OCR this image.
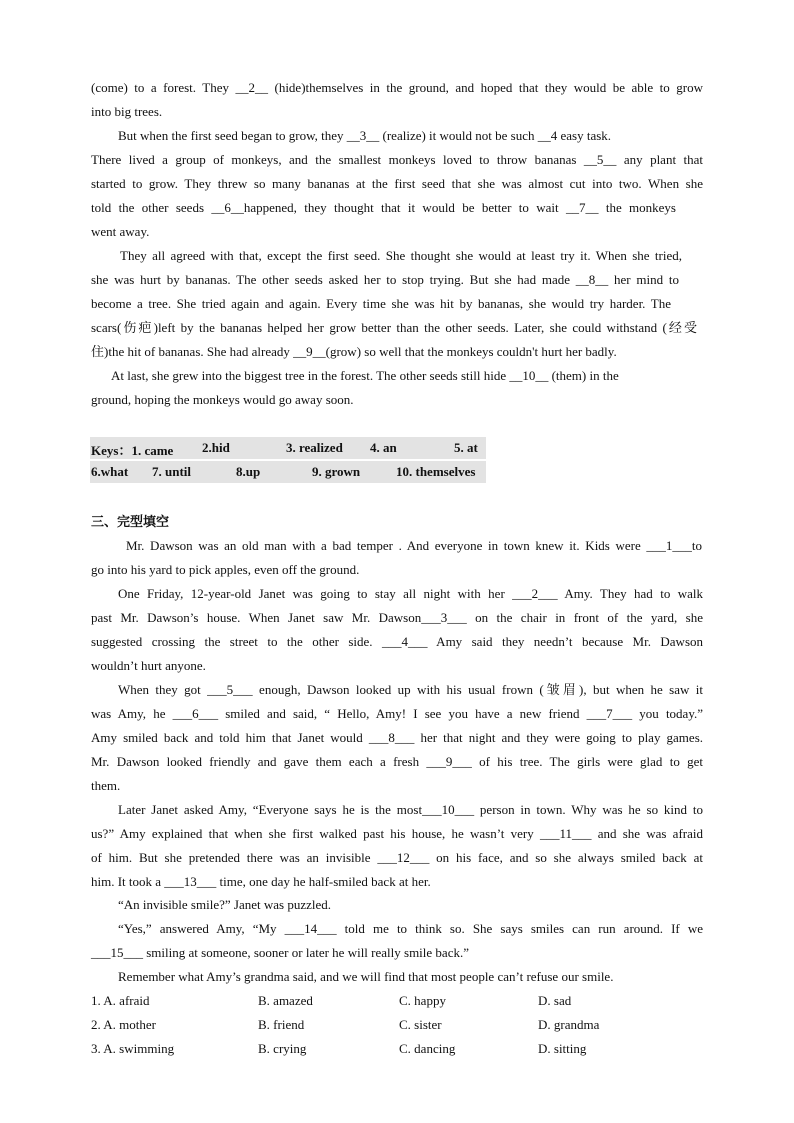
(come) to a forest. They __2__ (hide)themselves in the ground, and hoped that they would be able to grow
into big trees.
But when the first seed began to grow, they __3__ (realize) it would not be such __4 easy task.
There lived a group of monkeys, and the smallest monkeys loved to throw bananas __5__ any plant that
started to grow. They threw so many bananas at the first seed that she was almost cut into two. When she
told the other seeds __6__happened, they thought that it would be better to wait __7__ the monkeys
went away.
They all agreed with that, except the first seed. She thought she would at least try it. When she tried,
she was hurt by bananas. The other seeds asked her to stop trying. But she had made __8__ her mind to
become a tree. She tried again and again. Every time she was hit by bananas, she would try harder. The
scars(伤疤)left by the bananas helped her grow better than the other seeds. Later, she could withstand (经受
住)the hit of bananas. She had already __9__(grow) so well that the monkeys couldn't hurt her badly.
At last, she grew into the biggest tree in the forest. The other seeds still hide __10__ (them) in the
ground, hoping the monkeys would go away soon.
Keys：1. came 2.hid	3. realized 4. an	5. at
6.what 7. until	8.up	9. grown	10. themselves
三、完型填空
Mr. Dawson was an old man with a bad temper . And everyone in town knew it. Kids were ___1___to
go into his yard to pick apples, even off the ground.
One Friday, 12-year-old Janet was going to stay all night with her ___2___ Amy. They had to walk
past Mr. Dawson’s house. When Janet saw Mr. Dawson___3___ on the chair in front of the yard, she
suggested crossing the street to the other side. ___4___ Amy said they needn’t because Mr. Dawson
wouldn’t hurt anyone.
When they got ___5___ enough, Dawson looked up with his usual frown (皱眉), but when he saw it
was Amy, he ___6___ smiled and said, “ Hello, Amy! I see you have a new friend ___7___ you today.”
Amy smiled back and told him that Janet would ___8___ her that night and they were going to play games.
Mr. Dawson looked friendly and gave them each a fresh ___9___ of his tree. The girls were glad to get
them.
Later Janet asked Amy, “Everyone says he is the most___10___ person in town. Why was he so kind to
us?” Amy explained that when she first walked past his house, he wasn’t very ___11___ and she was afraid
of him. But she pretended there was an invisible ___12___ on his face, and so she always smiled back at
him. It took a ___13___ time, one day he half-smiled back at her.
“An invisible smile?” Janet was puzzled.
“Yes,” answered Amy, “My ___14___ told me to think so. She says smiles can run around. If we
___15___ smiling at someone, sooner or later he will really smile back.”
Remember what Amy’s grandma said, and we will find that most people can’t refuse our smile.
1. A. afraid	B. amazed	C. happy	D. sad
2. A. mother	B. friend	C. sister	D. grandma
3. A. swimming	B. crying	C. dancing	D. sitting
